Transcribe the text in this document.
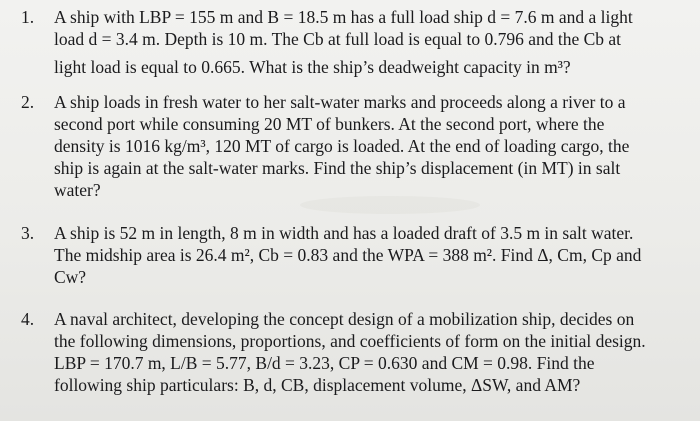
1.	A ship with LBP = 155 m and B = 18.5 m has a full load ship d = 7.6 m and a light
load d = 3.4 m. Depth is 10 m. The Cb at full load is equal to 0.796 and the Cb at
light load is equal to 0.665. What is the ship’s deadweight capacity in m³?
2.	A ship loads in fresh water to her salt-water marks and proceeds along a river to a
second port while consuming 20 MT of bunkers. At the second port, where the
density is 1016 kg/m³, 120 MT of cargo is loaded. At the end of loading cargo, the
ship is again at the salt-water marks. Find the ship’s displacement (in MT) in salt
water?
3.	A ship is 52 m in length, 8 m in width and has a loaded draft of 3.5 m in salt water.
The midship area is 26.4 m², Cb = 0.83 and the WPA = 388 m². Find Δ, Cm, Cp and
Cw?
4.	A naval architect, developing the concept design of a mobilization ship, decides on
the following dimensions, proportions, and coefficients of form on the initial design.
LBP = 170.7 m, L/B = 5.77, B/d = 3.23, CP = 0.630 and CM = 0.98. Find the
following ship particulars: B, d, CB, displacement volume, ΔSW, and AM?
